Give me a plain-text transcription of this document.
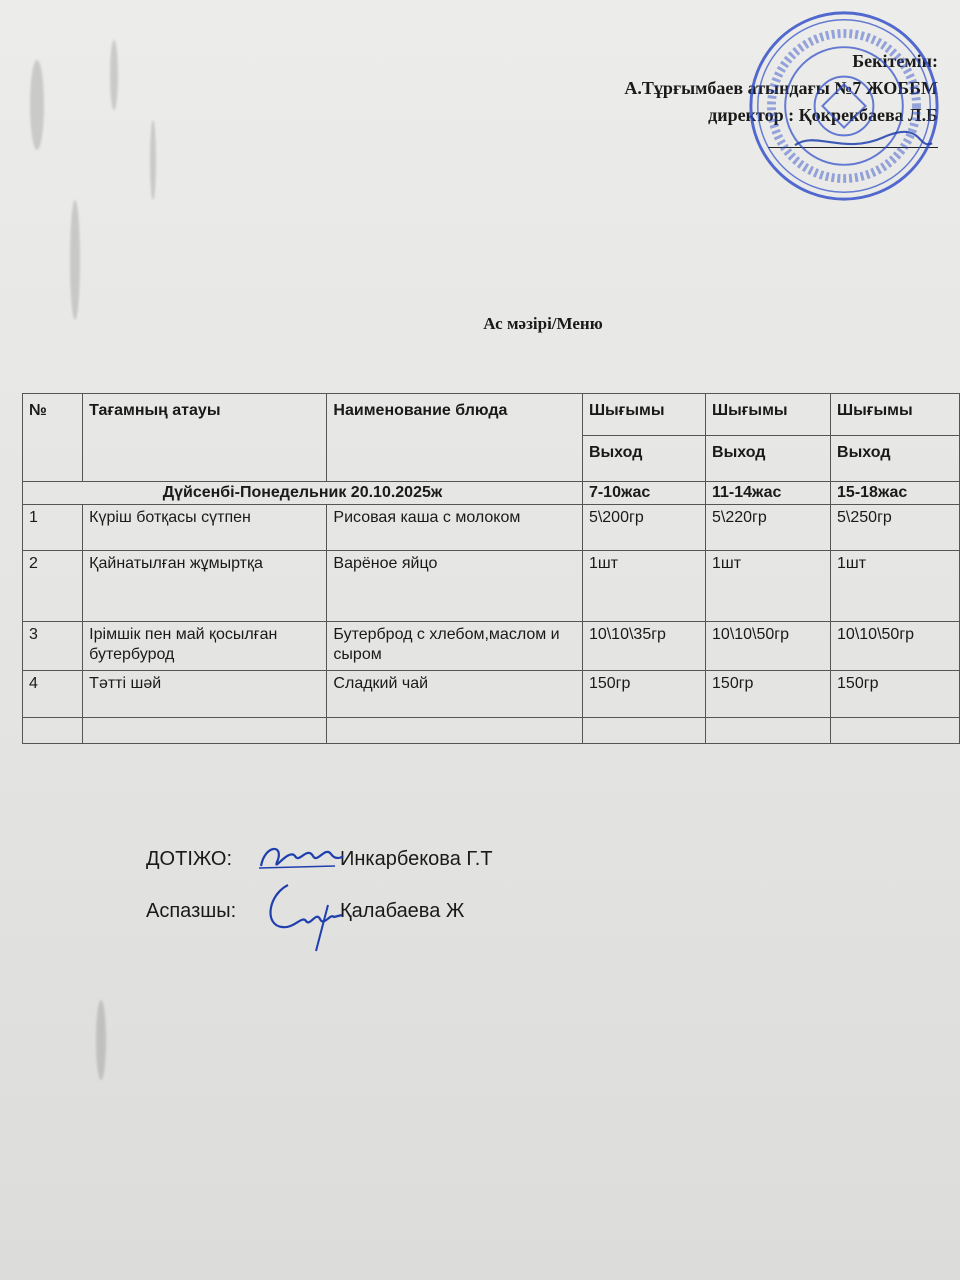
Бекітемін:
А.Тұрғымбаев атындағы №7 ЖОББМ
директор : Қокрекбаева Л.Б
Ас мәзірі/Меню
№	Тағамның атауы	Наименование блюда	Шығымы	Шығымы	Шығымы
			Выход	Выход	Выход
Дүйсенбі-Понедельник 20.10.2025ж			7-10жас	11-14жас	15-18жас
1	Күріш ботқасы сүтпен	Рисовая каша с молоком	5\200гр	5\220гр	5\250гр
2	Қайнатылған жұмыртқа	Варёное яйцо	1шт	1шт	1шт
3	Ірімшік пен май қосылған бутербурод	Бутерброд с хлебом,маслом и сыром	10\10\35гр	10\10\50гр	10\10\50гр
4	Тәтті шәй	Сладкий чай	150гр	150гр	150гр

ДОТІЖО:	Инкарбекова Г.Т
Аспазшы:	Қалабаева Ж
